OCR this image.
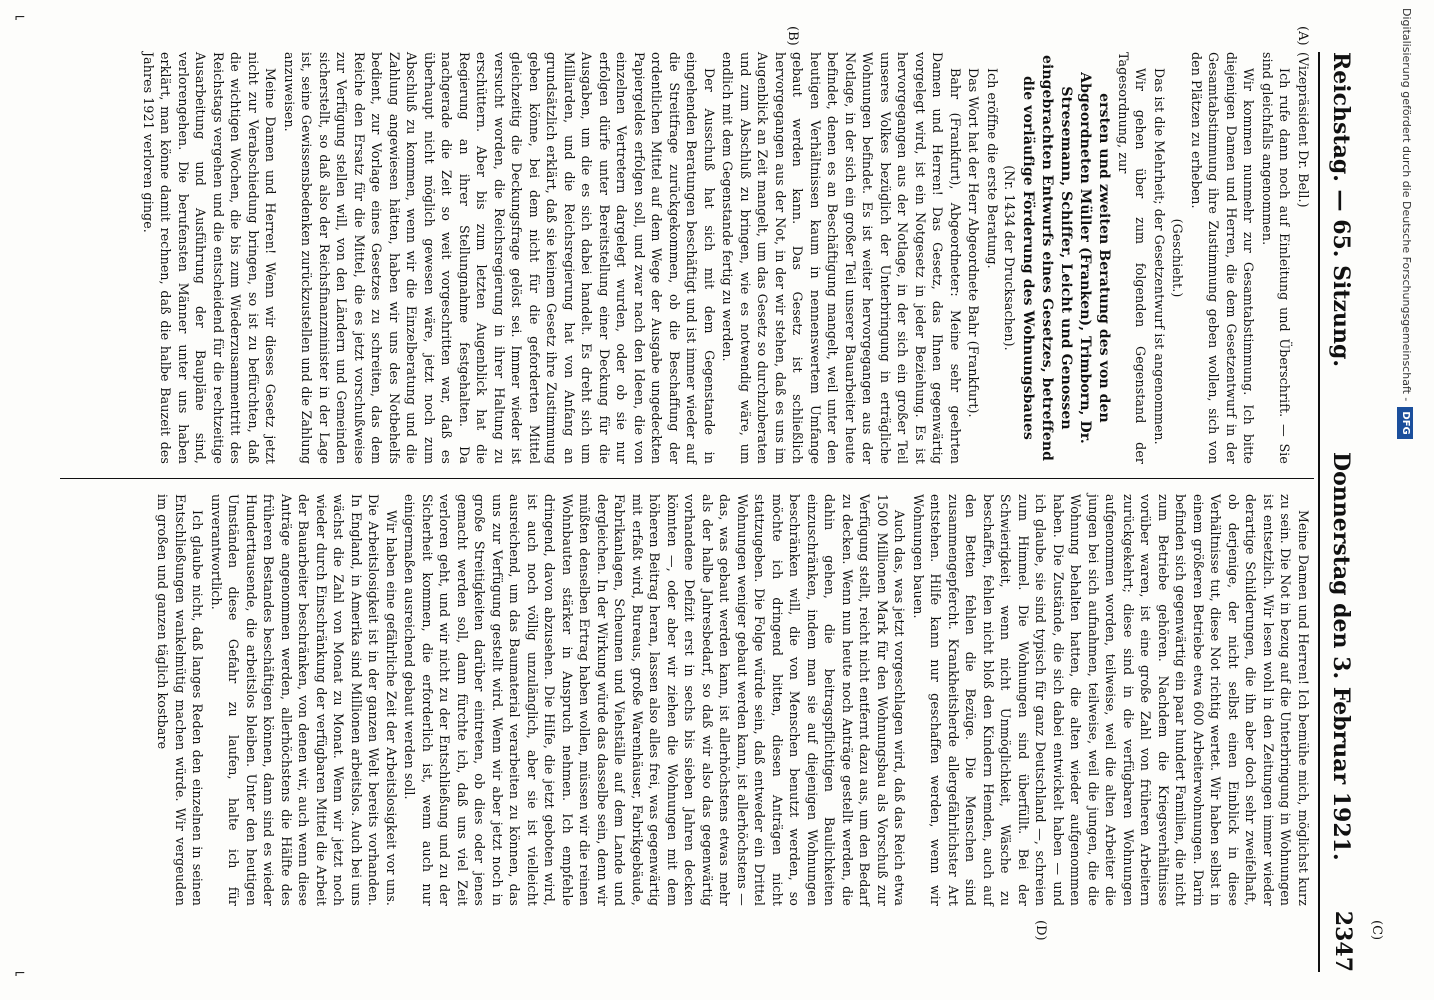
Reichstag. — 65. Sitzung.
Donnerstag den 3. Februar 1921.
2347
(A)
(B)
(C)
(D)

(Vizepräsident Dr. Bell.)

Ich rufe dann noch auf Einleitung und Überschrift. — Sie sind gleichfalls angenommen.

Wir kommen nunmehr zur Gesamtabstimmung. Ich bitte diejenigen Damen und Herren, die dem Gesetzentwurf in der Gesamtabstimmung ihre Zustimmung geben wollen, sich von den Plätzen zu erheben.

(Geschieht.)

Das ist die Mehrheit; der Gesetzentwurf ist angenommen.

Wir gehen über zum folgenden Gegenstand der Tagesordnung, zur

ersten und zweiten Beratung des von den Abgeordneten Müller (Franken), Trimborn, Dr. Stresemann, Schiffer, Leicht und Genossen eingebrachten Entwurfs eines Gesetzes, betreffend die vorläufige Förderung des Wohnungsbaues

(Nr. 1434 der Drucksachen).

Ich eröffne die erste Beratung.

Das Wort hat der Herr Abgeordnete Bahr (Frankfurt).

Bahr (Frankfurt), Abgeordneter: Meine sehr geehrten Damen und Herren! Das Gesetz, das Ihnen gegenwärtig vorgelegt wird, ist ein Notgesetz in jeder Beziehung. Es ist hervorgegangen aus der Notlage, in der sich ein großer Teil unseres Volkes bezüglich der Unterbringung in erträgliche Wohnungen befindet. Es ist weiter hervorgegangen aus der Notlage, in der sich ein großer Teil unserer Bauarbeiter heute befindet, denen es an Beschäftigung mangelt, weil unter den heutigen Verhältnissen kaum in nennenswertem Umfange gebaut werden kann. Das Gesetz ist schließlich hervorgegangen aus der Not, in der wir stehen, daß es uns im Augenblick an Zeit mangelt, um das Gesetz so durchzuberaten und zum Abschluß zu bringen, wie es notwendig wäre, um endlich mit dem Gegenstande fertig zu werden.

Der Ausschuß hat sich mit dem Gegenstande in eingehenden Beratungen beschäftigt und ist immer wieder auf die Streitfrage zurückgekommen, ob die Beschaffung der ordentlichen Mittel auf dem Wege der Ausgabe ungedeckten Papiergeldes erfolgen soll, und zwar nach den Ideen, die von einzelnen Vertretern dargelegt wurden, oder ob sie nur erfolgen dürfe unter Bereitstellung einer Deckung für die Ausgaben, um die es sich dabei handelt. Es dreht sich um Milliarden, und die Reichsregierung hat von Anfang an grundsätzlich erklärt, daß sie keinem Gesetz ihre Zustimmung geben könne, bei dem nicht für die geforderten Mittel gleichzeitig die Deckungsfrage gelöst sei. Immer wieder ist versucht worden, die Reichsregierung in ihrer Haltung zu erschüttern. Aber bis zum letzten Augenblick hat die Regierung an ihrer Stellungnahme festgehalten. Da nachgerade die Zeit so weit vorgeschritten war, daß es überhaupt nicht möglich gewesen wäre, jetzt noch zum Abschluß zu kommen, wenn wir die Einzelberatung und die Zahlung angewiesen hätten, haben wir uns des Notbehelfs bedient, zur Vorlage eines Gesetzes zu schreiten, das dem Reiche den Ersatz für die Mittel, die es jetzt vorschußweise zur Verfügung stellen will, von den Ländern und Gemeinden sicherstellt, so daß also der Reichsfinanzminister in der Lage ist, seine Gewissensbedenken zurückzustellen und die Zahlung anzuweisen.

Meine Damen und Herren! Wenn wir dieses Gesetz jetzt nicht zur Verabschiedung bringen, so ist zu befürchten, daß die wichtigen Wochen, die bis zum Wiederzusammentritt des Reichstags vergehen und die entscheidend für die rechtzeitige Ausarbeitung und Ausführung der Baupläne sind, verlorengehen. Die berufensten Männer unter uns haben erklärt, man könne damit rechnen, daß die halbe Bauzeit des Jahres 1921 verloren ginge.

Meine Damen und Herren! Ich bemühe mich, möglichst kurz zu sein. Die Not in bezug auf die Unterbringung in Wohnungen ist entsetzlich. Wir lesen wohl in den Zeitungen immer wieder derartige Schilderungen, die ihn aber doch sehr zweifelhaft, ob derjenige, der nicht selbst einen Einblick in diese Verhältnisse tut, diese Not richtig wertet. Wir haben selbst in einem größeren Betriebe etwa 600 Arbeiterwohnungen. Darin befinden sich gegenwärtig ein paar hundert Familien, die nicht zum Betriebe gehören. Nachdem die Kriegsverhältnisse vorüber waren, ist eine große Zahl von früheren Arbeitern zurückgekehrt; diese sind in die verfügbaren Wohnungen aufgenommen worden, teilweise, weil die alten Arbeiter die jungen bei sich aufnahmen, teilweise, weil die jungen, die die Wohnung behalten hatten, die alten wieder aufgenommen haben. Die Zustände, die sich dabei entwickelt haben — und ich glaube, sie sind typisch für ganz Deutschland —, schreien zum Himmel. Die Wohnungen sind überfüllt. Bei der Schwierigkeit, wenn nicht Unmöglichkeit, Wäsche zu beschaffen, fehlen nicht bloß den Kindern Hemden, auch auf den Betten fehlen die Bezüge. Die Menschen sind zusammengepfercht. Krankheitsherde allergefährlichster Art entstehen. Hilfe kann nur geschaffen werden, wenn wir Wohnungen bauen.

Auch das, was jetzt vorgeschlagen wird, daß das Reich etwa 1500 Millionen Mark für den Wohnungsbau als Vorschuß zur Verfügung stellt, reicht nicht entfernt dazu aus, um den Bedarf zu decken. Wenn nun heute noch Anträge gestellt werden, die dahin gehen, die beitragspflichtigen Baulichkeiten einzuschränken, indem man sie auf diejenigen Wohnungen beschränken will, die von Menschen benutzt werden, so möchte ich dringend bitten, diesen Anträgen nicht stattzugeben. Die Folge würde sein, daß entweder ein Drittel Wohnungen weniger gebaut werden kann, ist allerhöchstens — das, was gebaut werden kann, ist allerhöchstens etwas mehr als der halbe Jahresbedarf, so daß wir also das gegenwärtig vorhandene Defizit erst in sechs bis sieben Jahren decken könnten —, oder aber wir ziehen die Wohnungen mit dem höheren Beitrag heran, lassen also alles frei, was gegenwärtig mit erfaßt wird, Bureaus, große Warenhäuser, Fabrikgebäude, Fabrikanlagen, Scheunen und Viehställe auf dem Lande und dergleichen. In der Wirkung würde das dasselbe sein, denn wir müßten denselben Ertrag haben wollen, müssen wir die reinen Wohnbauten stärker in Anspruch nehmen. Ich empfehle dringend, davon abzusehen. Die Hilfe, die jetzt geboten wird, ist auch noch völlig unzulänglich, aber sie ist vielleicht ausreichend, um das Baumaterial verarbeiten zu können, das uns zur Verfügung gestellt wird. Wenn wir aber jetzt noch in große Streitigkeiten darüber eintreten, ob dies oder jenes gemacht werden soll, dann fürchte ich, daß uns viel Zeit verloren geht, und wir nicht zu der Entschließung und zu der Sicherheit kommen, die erforderlich ist, wenn auch nur einigermaßen ausreichend gebaut werden soll.

Wir haben eine gefährliche Zeit der Arbeitslosigkeit vor uns. Die Arbeitslosigkeit ist in der ganzen Welt bereits vorhanden. In England, in Amerika sind Millionen arbeitslos. Auch bei uns wächst die Zahl von Monat zu Monat. Wenn wir jetzt noch wieder durch Einschränkung der verfügbaren Mittel die Arbeit der Bauarbeiter beschränken, von denen wir, auch wenn diese Anträge angenommen werden, allerhöchstens die Hälfte des früheren Bestandes beschäftigen können, dann sind es wieder Hunderttausende, die arbeitslos bleiben. Unter den heutigen Umständen diese Gefahr zu laufen, halte ich für unverantwortlich.

Ich glaube nicht, daß langes Reden den einzelnen in seinen Entschließungen wankelmütig machen würde. Wir vergeuden im großen und ganzen täglich kostbare

⌐
⌐
Digitalisierung gefördert durch die Deutsche Forschungsgemeinschaft -DFG
